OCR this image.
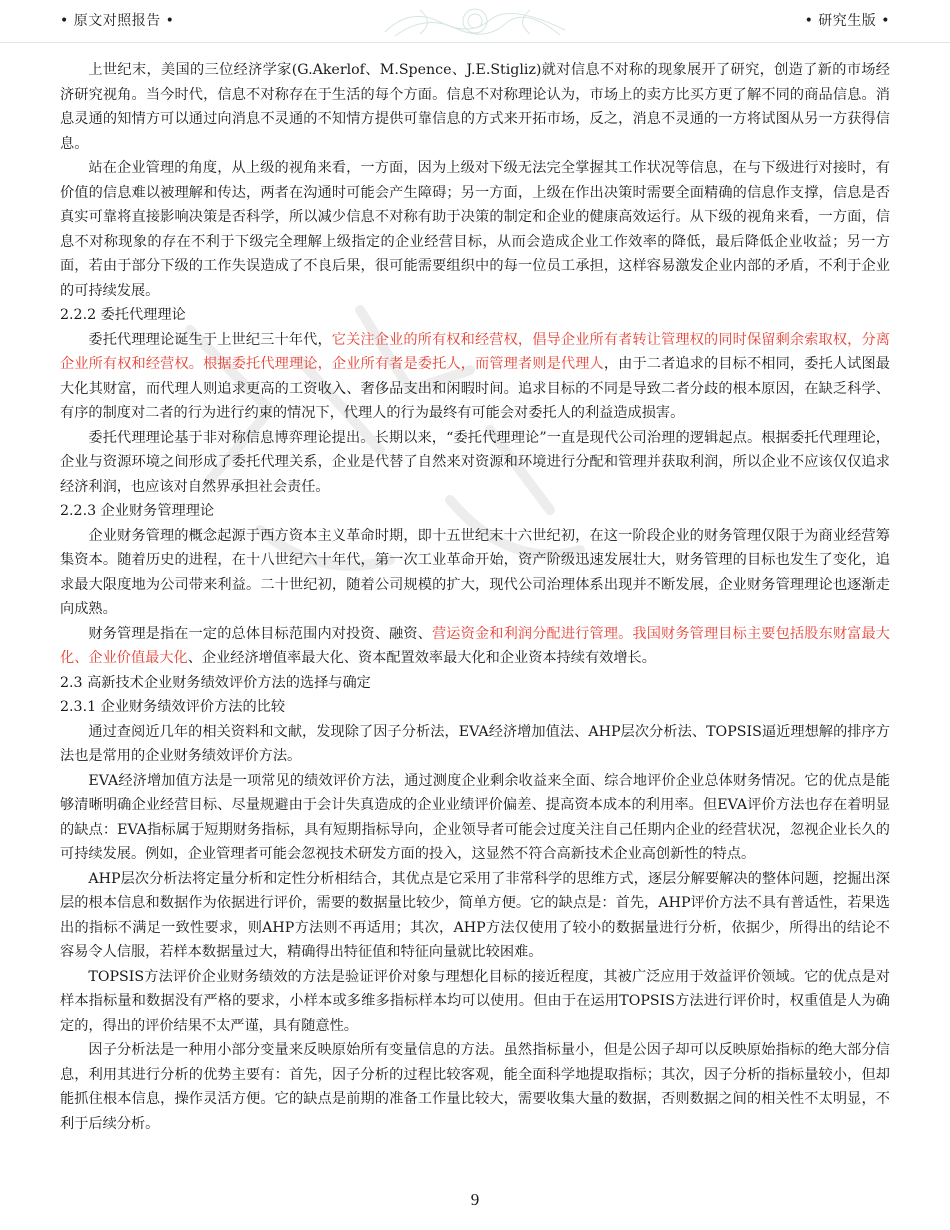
• 原文对照报告 •	• 研究生版 •

上世纪末，美国的三位经济学家(G.Akerlof、M.Spence、J.E.Stigliz)就对信息不对称的现象展开了研究，创造了新的市场经济研究视角。当今时代，信息不对称存在于生活的每个方面。信息不对称理论认为，市场上的卖方比买方更了解不同的商品信息。消息灵通的知情方可以通过向消息不灵通的不知情方提供可靠信息的方式来开拓市场，反之，消息不灵通的一方将试图从另一方获得信息。

站在企业管理的角度，从上级的视角来看，一方面，因为上级对下级无法完全掌握其工作状况等信息，在与下级进行对接时，有价值的信息难以被理解和传达，两者在沟通时可能会产生障碍；另一方面，上级在作出决策时需要全面精确的信息作支撑，信息是否真实可靠将直接影响决策是否科学，所以减少信息不对称有助于决策的制定和企业的健康高效运行。从下级的视角来看，一方面，信息不对称现象的存在不利于下级完全理解上级指定的企业经营目标，从而会造成企业工作效率的降低，最后降低企业收益；另一方面，若由于部分下级的工作失误造成了不良后果，很可能需要组织中的每一位员工承担，这样容易激发企业内部的矛盾，不利于企业的可持续发展。

2.2.2 委托代理理论

委托代理理论诞生于上世纪三十年代，它关注企业的所有权和经营权，倡导企业所有者转让管理权的同时保留剩余索取权，分离企业所有权和经营权。根据委托代理理论，企业所有者是委托人，而管理者则是代理人，由于二者追求的目标不相同，委托人试图最大化其财富，而代理人则追求更高的工资收入、奢侈品支出和闲暇时间。追求目标的不同是导致二者分歧的根本原因，在缺乏科学、有序的制度对二者的行为进行约束的情况下，代理人的行为最终有可能会对委托人的利益造成损害。

委托代理理论基于非对称信息博弈理论提出。长期以来，“委托代理理论”一直是现代公司治理的逻辑起点。根据委托代理理论，企业与资源环境之间形成了委托代理关系，企业是代替了自然来对资源和环境进行分配和管理并获取利润，所以企业不应该仅仅追求经济利润，也应该对自然界承担社会责任。

2.2.3 企业财务管理理论

企业财务管理的概念起源于西方资本主义革命时期，即十五世纪末十六世纪初，在这一阶段企业的财务管理仅限于为商业经营筹集资本。随着历史的进程，在十八世纪六十年代，第一次工业革命开始，资产阶级迅速发展壮大，财务管理的目标也发生了变化，追求最大限度地为公司带来利益。二十世纪初，随着公司规模的扩大，现代公司治理体系出现并不断发展，企业财务管理理论也逐渐走向成熟。

财务管理是指在一定的总体目标范围内对投资、融资、营运资金和利润分配进行管理。我国财务管理目标主要包括股东财富最大化、企业价值最大化、企业经济增值率最大化、资本配置效率最大化和企业资本持续有效增长。

2.3 高新技术企业财务绩效评价方法的选择与确定
2.3.1 企业财务绩效评价方法的比较

通过查阅近几年的相关资料和文献，发现除了因子分析法，EVA经济增加值法、AHP层次分析法、TOPSIS逼近理想解的排序方法也是常用的企业财务绩效评价方法。

EVA经济增加值方法是一项常见的绩效评价方法，通过测度企业剩余收益来全面、综合地评价企业总体财务情况。它的优点是能够清晰明确企业经营目标、尽量规避由于会计失真造成的企业业绩评价偏差、提高资本成本的利用率。但EVA评价方法也存在着明显的缺点：EVA指标属于短期财务指标，具有短期指标导向，企业领导者可能会过度关注自己任期内企业的经营状况，忽视企业长久的可持续发展。例如，企业管理者可能会忽视技术研发方面的投入，这显然不符合高新技术企业高创新性的特点。

AHP层次分析法将定量分析和定性分析相结合，其优点是它采用了非常科学的思维方式，逐层分解要解决的整体问题，挖掘出深层的根本信息和数据作为依据进行评价，需要的数据量比较少，简单方便。它的缺点是：首先，AHP评价方法不具有普适性，若果选出的指标不满足一致性要求，则AHP方法则不再适用；其次，AHP方法仅使用了较小的数据量进行分析，依据少，所得出的结论不容易令人信服，若样本数据量过大，精确得出特征值和特征向量就比较困难。

TOPSIS方法评价企业财务绩效的方法是验证评价对象与理想化目标的接近程度，其被广泛应用于效益评价领域。它的优点是对样本指标量和数据没有严格的要求，小样本或多维多指标样本均可以使用。但由于在运用TOPSIS方法进行评价时，权重值是人为确定的，得出的评价结果不太严谨，具有随意性。

因子分析法是一种用小部分变量来反映原始所有变量信息的方法。虽然指标量小，但是公因子却可以反映原始指标的绝大部分信息，利用其进行分析的优势主要有：首先，因子分析的过程比较客观，能全面科学地提取指标；其次，因子分析的指标量较小，但却能抓住根本信息，操作灵活方便。它的缺点是前期的准备工作量比较大，需要收集大量的数据，否则数据之间的相关性不太明显，不利于后续分析。

9
